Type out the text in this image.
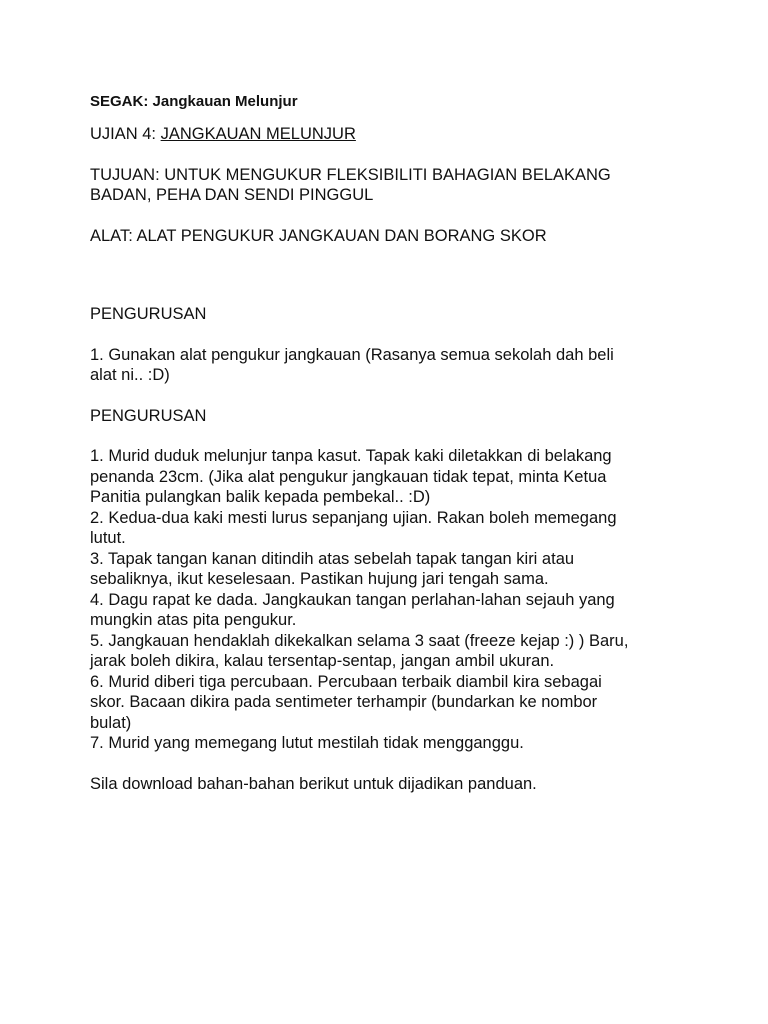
SEGAK: Jangkauan Melunjur

UJIAN 4: JANGKAUAN MELUNJUR

TUJUAN: UNTUK MENGUKUR FLEKSIBILITI BAHAGIAN BELAKANG
BADAN, PEHA DAN SENDI PINGGUL

ALAT: ALAT PENGUKUR JANGKAUAN DAN BORANG SKOR

PENGURUSAN

1. Gunakan alat pengukur jangkauan (Rasanya semua sekolah dah beli
alat ni.. :D)

PENGURUSAN

1. Murid duduk melunjur tanpa kasut. Tapak kaki diletakkan di belakang
penanda 23cm. (Jika alat pengukur jangkauan tidak tepat, minta Ketua
Panitia pulangkan balik kepada pembekal.. :D)

2. Kedua-dua kaki mesti lurus sepanjang ujian. Rakan boleh memegang
lutut.

3. Tapak tangan kanan ditindih atas sebelah tapak tangan kiri atau
sebaliknya, ikut keselesaan. Pastikan hujung jari tengah sama.

4. Dagu rapat ke dada. Jangkaukan tangan perlahan-lahan sejauh yang
mungkin atas pita pengukur.

5. Jangkauan hendaklah dikekalkan selama 3 saat (freeze kejap :) ) Baru,
jarak boleh dikira, kalau tersentap-sentap, jangan ambil ukuran.

6. Murid diberi tiga percubaan. Percubaan terbaik diambil kira sebagai
skor. Bacaan dikira pada sentimeter terhampir (bundarkan ke nombor
bulat)

7. Murid yang memegang lutut mestilah tidak mengganggu.

Sila download bahan-bahan berikut untuk dijadikan panduan.
